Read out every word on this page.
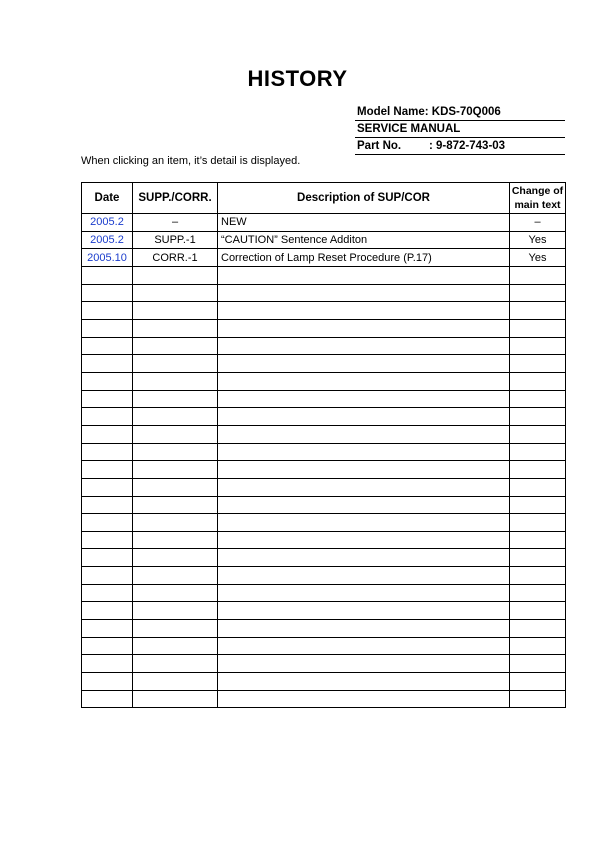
HISTORY
Model Name: KDS-70Q006
SERVICE MANUAL
Part No. : 9-872-743-03
When clicking an item, it’s detail is displayed.
Date	SUPP./CORR.	Description of SUP/COR	Change of
main text
2005.2	–	NEW	–
2005.2	SUPP.-1	“CAUTION” Sentence Additon	Yes
2005.10	CORR.-1	Correction of Lamp Reset Procedure (P.17)	Yes
